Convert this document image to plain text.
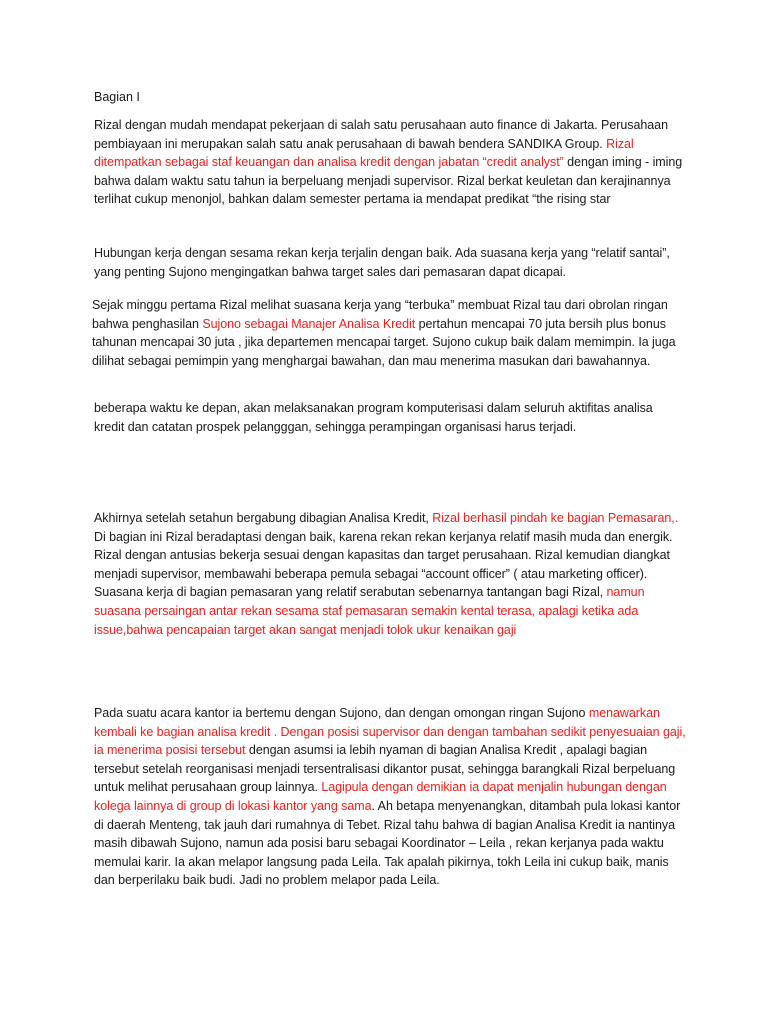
Bagian I
Rizal dengan mudah mendapat pekerjaan di salah satu perusahaan auto finance di Jakarta. Perusahaan pembiayaan ini merupakan salah satu anak perusahaan di bawah bendera SANDIKA Group. Rizal ditempatkan sebagai staf keuangan dan analisa kredit dengan jabatan “credit analyst” dengan iming - iming bahwa dalam waktu satu tahun ia berpeluang menjadi supervisor. Rizal berkat keuletan dan kerajinannya terlihat cukup menonjol, bahkan dalam semester pertama ia mendapat predikat “the rising star
Hubungan kerja dengan sesama rekan kerja terjalin dengan baik. Ada suasana kerja yang “relatif santai”, yang penting Sujono mengingatkan bahwa target sales dari pemasaran dapat dicapai.
Sejak minggu pertama Rizal melihat suasana kerja yang “terbuka” membuat Rizal tau dari obrolan ringan bahwa penghasilan Sujono sebagai Manajer Analisa Kredit pertahun mencapai 70 juta bersih plus bonus tahunan mencapai 30 juta , jika departemen mencapai target. Sujono cukup baik dalam memimpin. Ia juga dilihat sebagai pemimpin yang menghargai bawahan, dan mau menerima masukan dari bawahannya.
beberapa waktu ke depan, akan melaksanakan program komputerisasi dalam seluruh aktifitas analisa kredit dan catatan prospek pelangggan, sehingga perampingan organisasi harus terjadi.
Akhirnya setelah setahun bergabung dibagian Analisa Kredit, Rizal berhasil pindah ke bagian Pemasaran,. Di bagian ini Rizal beradaptasi dengan baik, karena rekan rekan kerjanya relatif masih muda dan energik. Rizal dengan antusias bekerja sesuai dengan kapasitas dan target perusahaan. Rizal kemudian diangkat menjadi supervisor, membawahi beberapa pemula sebagai “account officer” ( atau marketing officer). Suasana kerja di bagian pemasaran yang relatif serabutan sebenarnya tantangan bagi Rizal, namun suasana persaingan antar rekan sesama staf pemasaran semakin kental terasa, apalagi ketika ada issue,bahwa pencapaian target akan sangat menjadi tolok ukur kenaikan gaji
Pada suatu acara kantor ia bertemu dengan Sujono, dan dengan omongan ringan Sujono menawarkan kembali ke bagian analisa kredit . Dengan posisi supervisor dan dengan tambahan sedikit penyesuaian gaji, ia menerima posisi tersebut dengan asumsi ia lebih nyaman di bagian Analisa Kredit , apalagi bagian tersebut setelah reorganisasi menjadi tersentralisasi dikantor pusat, sehingga barangkali Rizal berpeluang untuk melihat perusahaan group lainnya. Lagipula dengan demikian ia dapat menjalin hubungan dengan kolega lainnya di group di lokasi kantor yang sama. Ah betapa menyenangkan, ditambah pula lokasi kantor di daerah Menteng, tak jauh dari rumahnya di Tebet. Rizal tahu bahwa di bagian Analisa Kredit ia nantinya masih dibawah Sujono, namun ada posisi baru sebagai Koordinator – Leila , rekan kerjanya pada waktu memulai karir. Ia akan melapor langsung pada Leila. Tak apalah pikirnya, tokh Leila ini cukup baik, manis dan berperilaku baik budi. Jadi no problem melapor pada Leila.
